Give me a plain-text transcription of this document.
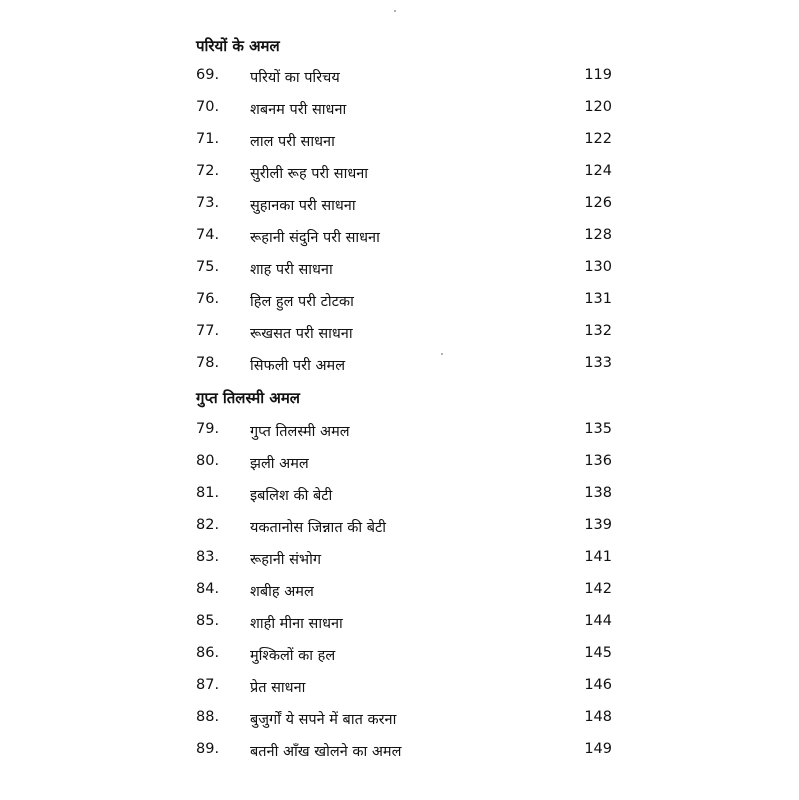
परियों के अमल
69. परियों का परिचय	119
70. शबनम परी साधना	120
71. लाल परी साधना	122
72. सुरीली रूह परी साधना	124
73. सुहानका परी साधना	126
74. रूहानी संदुनि परी साधना	128
75. शाह परी साधना	130
76. हिल हुल परी टोटका	131
77. रूखसत परी साधना	132
78. सिफली परी अमल	133
गुप्त तिलस्मी अमल
79. गुप्त तिलस्मी अमल	135
80. झली अमल	136
81. इबलिश की बेटी	138
82. यकतानोस जिन्नात की बेटी	139
83. रूहानी संभोग	141
84. शबीह अमल	142
85. शाही मीना साधना	144
86. मुश्किलों का हल	145
87. प्रेत साधना	146
88. बुजुर्गों ये सपने में बात करना	148
89. बतनी आँख खोलने का अमल	149
